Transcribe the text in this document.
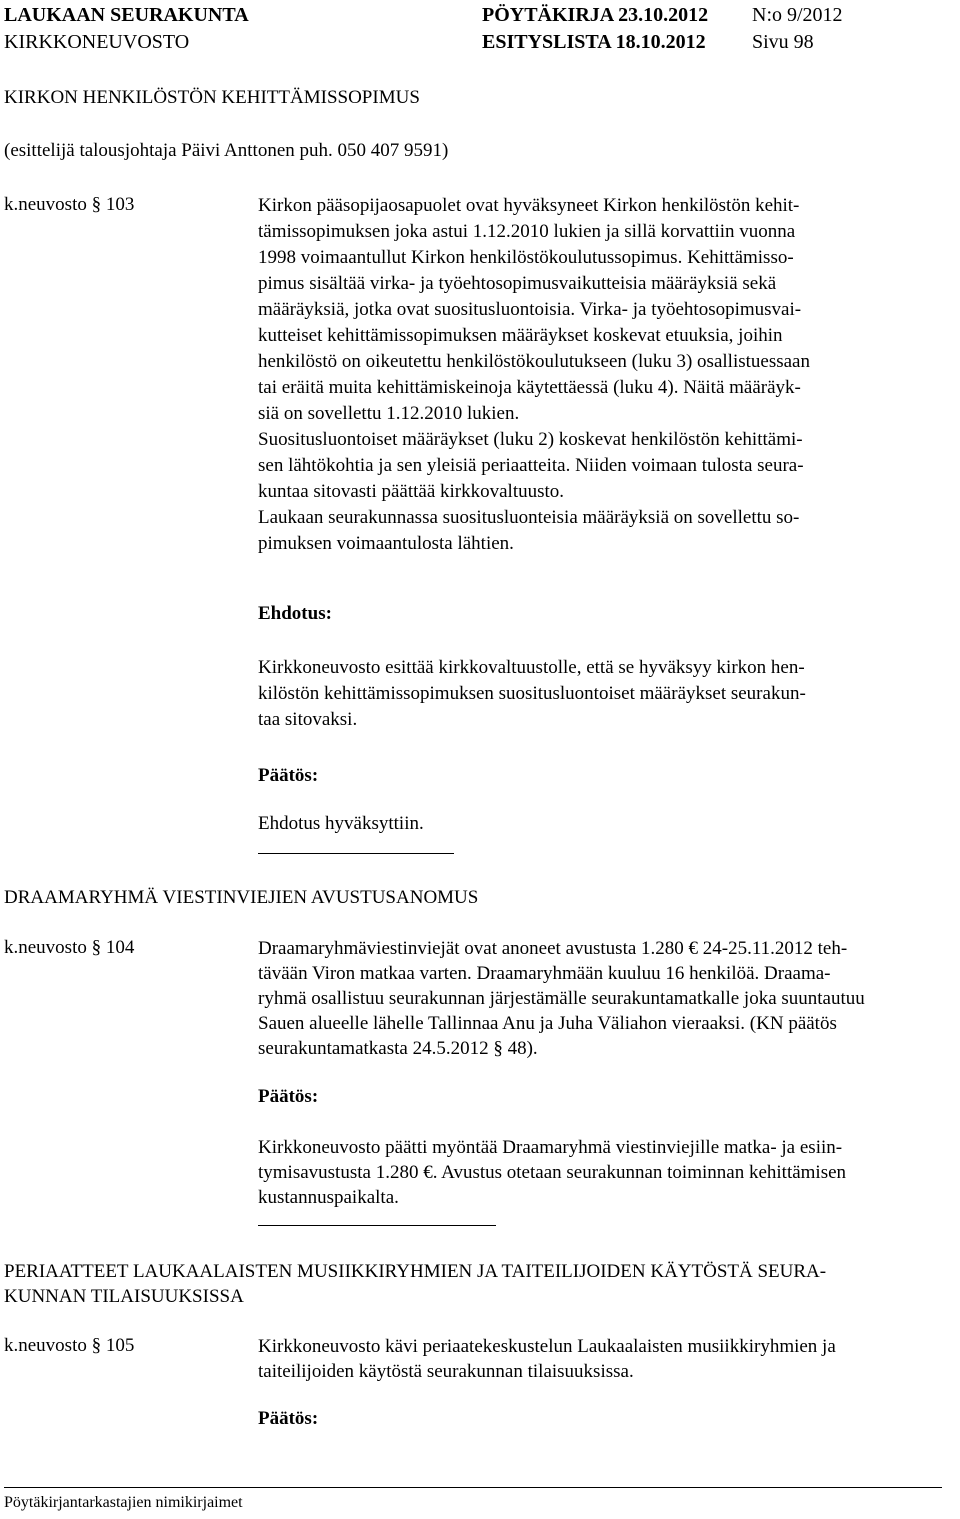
LAUKAAN SEURAKUNTA
KIRKKONEUVOSTO
PÖYTÄKIRJA 23.10.2012
ESITYSLISTA 18.10.2012
N:o 9/2012
Sivu 98
KIRKON HENKILÖSTÖN KEHITTÄMISSOPIMUS
(esittelijä talousjohtaja Päivi Anttonen puh. 050 407 9591)
k.neuvosto § 103	Kirkon pääsopijaosapuolet ovat hyväksyneet Kirkon henkilöstön kehit-
tämissopimuksen joka astui 1.12.2010 lukien ja sillä korvattiin vuonna
1998 voimaantullut Kirkon henkilöstökoulutussopimus. Kehittämisso-
pimus sisältää virka- ja työehtosopimusvaikutteisia määräyksiä sekä
määräyksiä, jotka ovat suositusluontoisia. Virka- ja työehtosopimusvai-
kutteiset kehittämissopimuksen määräykset koskevat etuuksia, joihin
henkilöstö on oikeutettu henkilöstökoulutukseen (luku 3) osallistuessaan
tai eräitä muita kehittämiskeinoja käytettäessä (luku 4). Näitä määräyk-
siä on sovellettu 1.12.2010 lukien.
Suositusluontoiset määräykset (luku 2) koskevat henkilöstön kehittämi-
sen lähtökohtia ja sen yleisiä periaatteita. Niiden voimaan tulosta seura-
kuntaa sitovasti päättää kirkkovaltuusto.
Laukaan seurakunnassa suositusluonteisia määräyksiä on sovellettu so-
pimuksen voimaantulosta lähtien.
Ehdotus:
Kirkkoneuvosto esittää kirkkovaltuustolle, että se hyväksyy kirkon hen-
kilöstön kehittämissopimuksen suositusluontoiset määräykset seurakun-
taa sitovaksi.
Päätös:
Ehdotus hyväksyttiin.
DRAAMARYHMÄ VIESTINVIEJIEN AVUSTUSANOMUS
k.neuvosto § 104	Draamaryhmäviestinviejät ovat anoneet avustusta 1.280 € 24-25.11.2012 teh-
tävään Viron matkaa varten. Draamaryhmään kuuluu 16 henkilöä. Draama-
ryhmä osallistuu seurakunnan järjestämälle seurakuntamatkalle joka suuntautuu
Sauen alueelle lähelle Tallinnaa Anu ja Juha Väliahon vieraaksi. (KN päätös
seurakuntamatkasta 24.5.2012 § 48).
Päätös:
Kirkkoneuvosto päätti myöntää Draamaryhmä viestinviejille matka- ja esiin-
tymisavustusta 1.280 €. Avustus otetaan seurakunnan toiminnan kehittämisen
kustannuspaikalta.
PERIAATTEET LAUKAALAISTEN MUSIIKKIRYHMIEN JA TAITEILIJOIDEN KÄYTÖSTÄ SEURA-
KUNNAN TILAISUUKSISSA
k.neuvosto § 105	Kirkkoneuvosto kävi periaatekeskustelun Laukaalaisten musiikkiryhmien ja
taiteilijoiden käytöstä seurakunnan tilaisuuksissa.
Päätös:
Pöytäkirjantarkastajien nimikirjaimet
